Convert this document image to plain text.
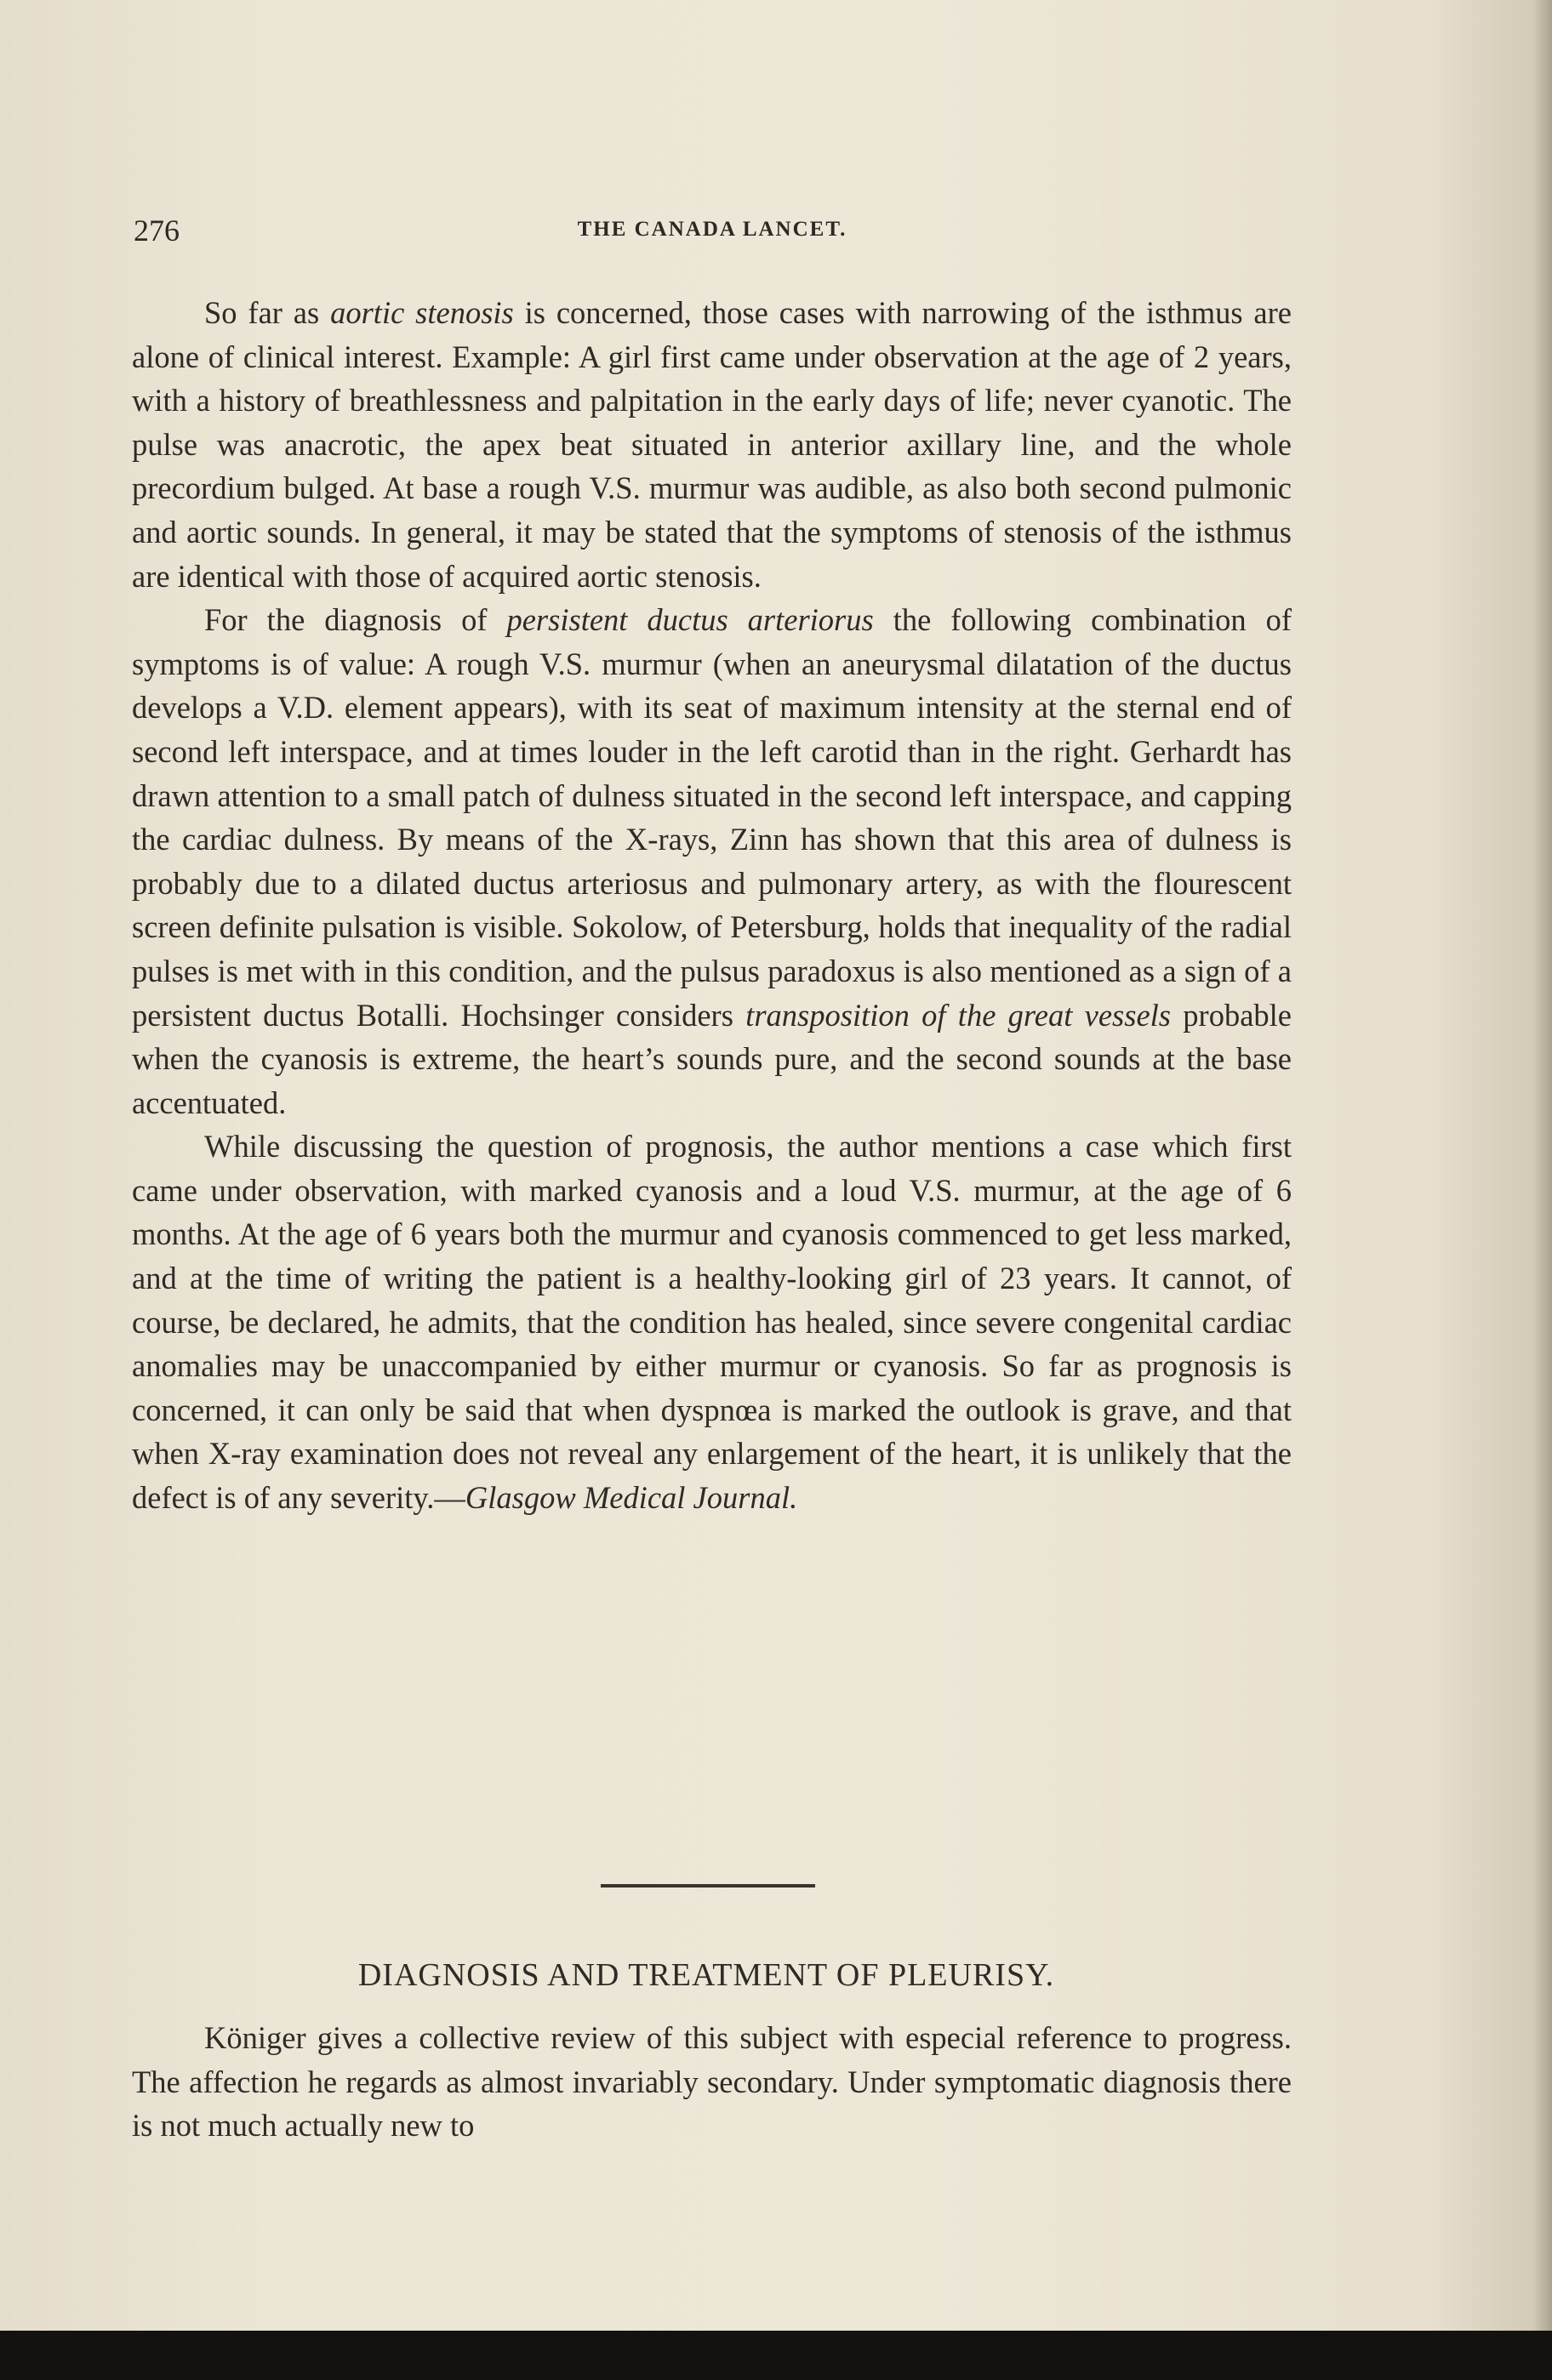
276	THE CANADA LANCET.

So far as aortic stenosis is concerned, those cases with narrowing of the isthmus are alone of clinical interest. Example: A girl first came under observation at the age of 2 years, with a history of breathlessness and palpitation in the early days of life; never cyanotic. The pulse was anacrotic, the apex beat situated in anterior axillary line, and the whole precordium bulged. At base a rough V.S. murmur was audible, as also both second pulmonic and aortic sounds. In general, it may be stated that the symptoms of stenosis of the isthmus are identical with those of acquired aortic stenosis.

For the diagnosis of persistent ductus arteriorus the following combination of symptoms is of value: A rough V.S. murmur (when an aneurysmal dilatation of the ductus develops a V.D. element appears), with its seat of maximum intensity at the sternal end of second left interspace, and at times louder in the left carotid than in the right. Gerhardt has drawn attention to a small patch of dulness situated in the second left interspace, and capping the cardiac dulness. By means of the X-rays, Zinn has shown that this area of dulness is probably due to a dilated ductus arteriosus and pulmonary artery, as with the flourescent screen definite pulsation is visible. Sokolow, of Petersburg, holds that inequality of the radial pulses is met with in this condition, and the pulsus paradoxus is also mentioned as a sign of a persistent ductus Botalli. Hochsinger considers transposition of the great vessels probable when the cyanosis is extreme, the heart’s sounds pure, and the second sounds at the base accentuated.

While discussing the question of prognosis, the author mentions a case which first came under observation, with marked cyanosis and a loud V.S. murmur, at the age of 6 months. At the age of 6 years both the murmur and cyanosis commenced to get less marked, and at the time of writing the patient is a healthy-looking girl of 23 years. It cannot, of course, be declared, he admits, that the condition has healed, since severe congenital cardiac anomalies may be unaccompanied by either murmur or cyanosis. So far as prognosis is concerned, it can only be said that when dyspnœa is marked the outlook is grave, and that when X-ray examination does not reveal any enlargement of the heart, it is unlikely that the defect is of any severity.—Glasgow Medical Journal.

DIAGNOSIS AND TREATMENT OF PLEURISY.

Königer gives a collective review of this subject with especial reference to progress. The affection he regards as almost invariably secondary. Under symptomatic diagnosis there is not much actually new to
